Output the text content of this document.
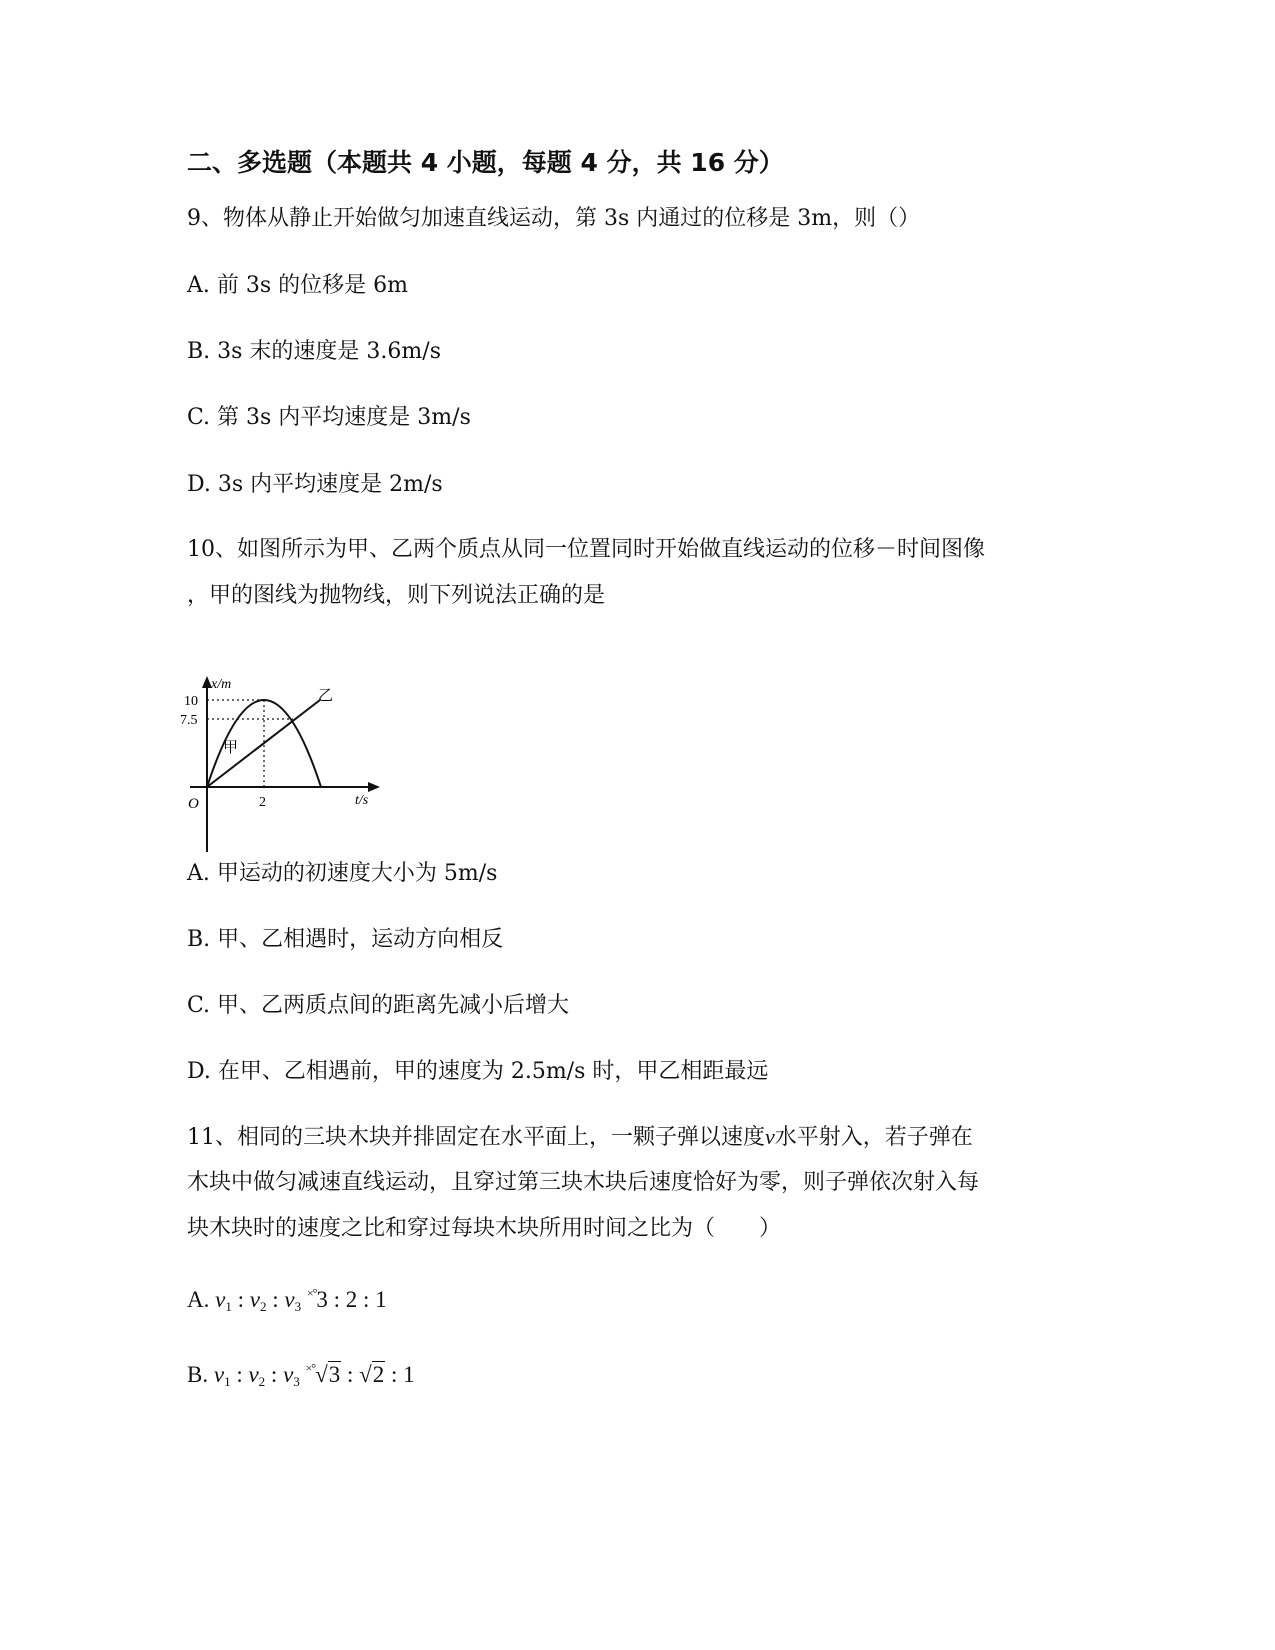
二、多选题（本题共 4 小题，每题 4 分，共 16 分）
9、物体从静止开始做匀加速直线运动，第 3s 内通过的位移是 3m，则（）
A. 前 3s 的位移是 6m
B. 3s 末的速度是 3.6m/s
C. 第 3s 内平均速度是 3m/s
D. 3s 内平均速度是 2m/s
10、如图所示为甲、乙两个质点从同一位置同时开始做直线运动的位移－时间图像
，甲的图线为抛物线，则下列说法正确的是
x/m
t/s
O
10
7.5
2
甲
乙
A. 甲运动的初速度大小为 5m/s
B. 甲、乙相遇时，运动方向相反
C. 甲、乙两质点间的距离先减小后增大
D. 在甲、乙相遇前，甲的速度为 2.5m/s 时，甲乙相距最远
11、相同的三块木块并排固定在水平面上，一颗子弹以速度v水平射入，若子弹在
木块中做匀减速直线运动，且穿过第三块木块后速度恰好为零，则子弹依次射入每
块木块时的速度之比和穿过每块木块所用时间之比为（　　）
A. $v_1$ : $v_2$ : $v_3$ ×°3 : 2 : 1
B. $v_1$ : $v_2$ : $v_3$ ×°√3 : √2 : 1
